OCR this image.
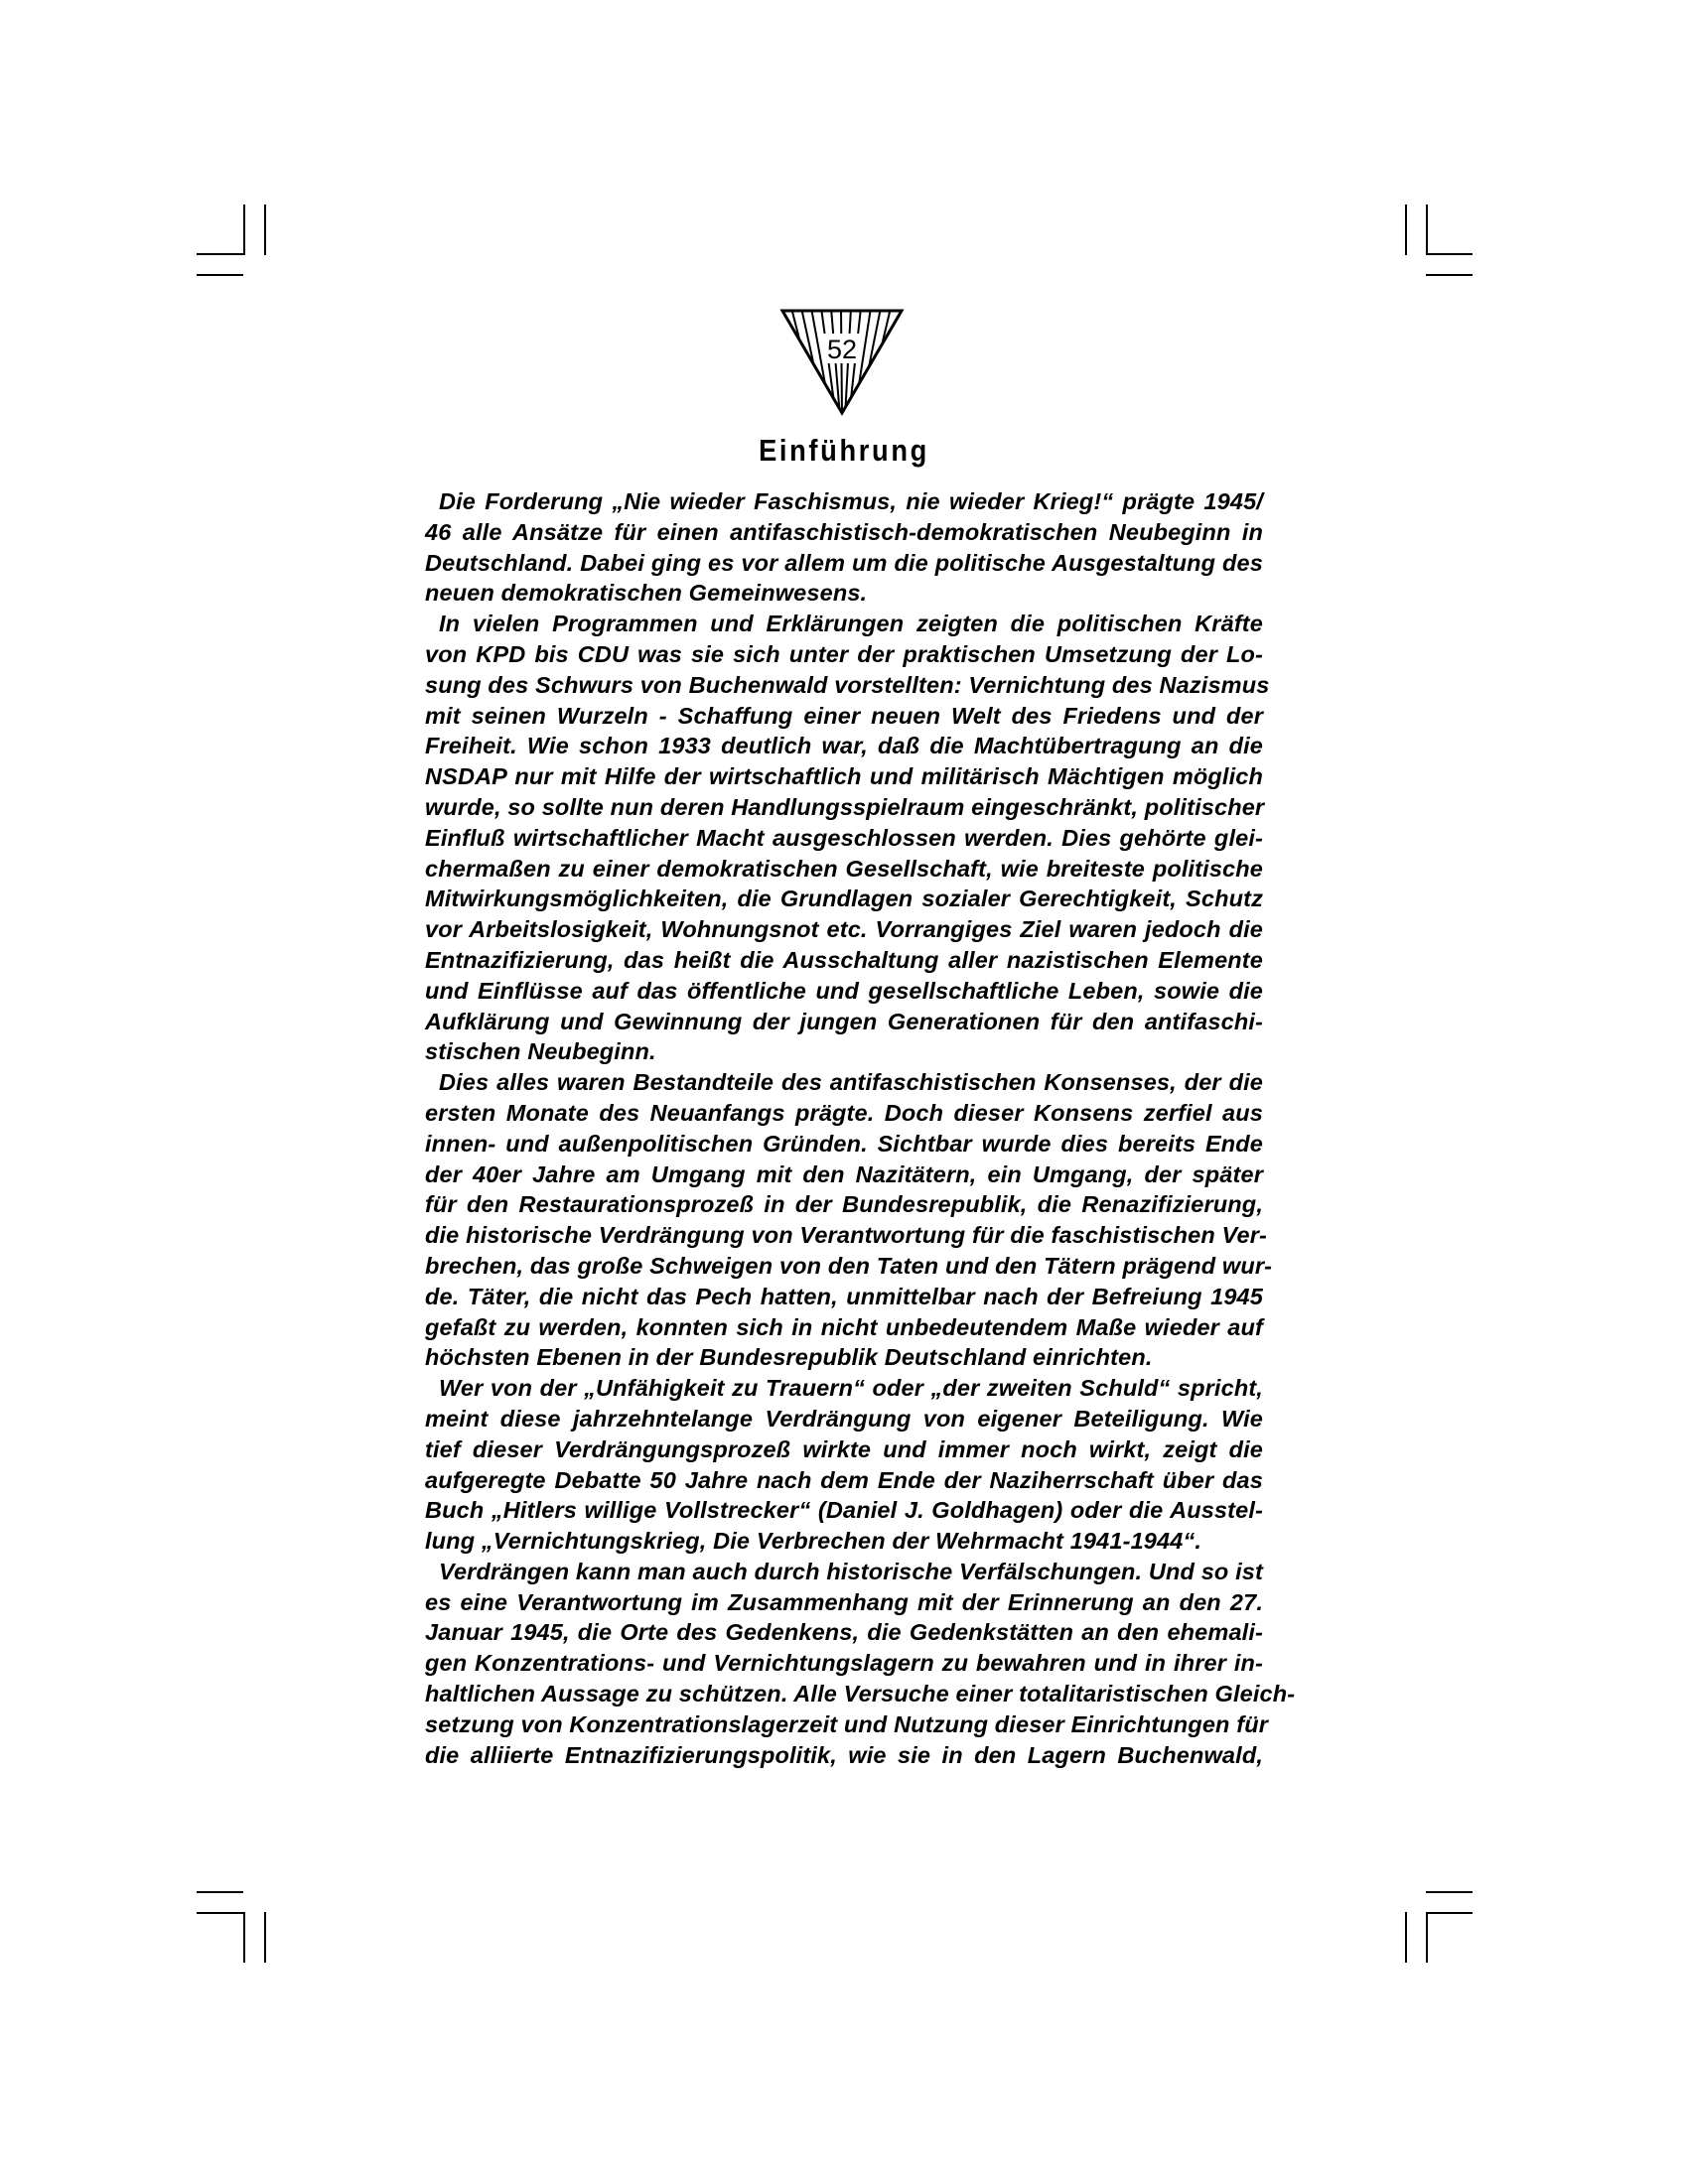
52
Einführung
Die Forderung „Nie wieder Faschismus, nie wieder Krieg!“ prägte 1945/
46 alle Ansätze für einen antifaschistisch-demokratischen Neubeginn in
Deutschland. Dabei ging es vor allem um die politische Ausgestaltung des
neuen demokratischen Gemeinwesens.
In vielen Programmen und Erklärungen zeigten die politischen Kräfte
von KPD bis CDU was sie sich unter der praktischen Umsetzung der Lo-
sung des Schwurs von Buchenwald vorstellten: Vernichtung des Nazismus
mit seinen Wurzeln - Schaffung einer neuen Welt des Friedens und der
Freiheit. Wie schon 1933 deutlich war, daß die Machtübertragung an die
NSDAP nur mit Hilfe der wirtschaftlich und militärisch Mächtigen möglich
wurde, so sollte nun deren Handlungsspielraum eingeschränkt, politischer
Einfluß wirtschaftlicher Macht ausgeschlossen werden. Dies gehörte glei-
chermaßen zu einer demokratischen Gesellschaft, wie breiteste politische
Mitwirkungsmöglichkeiten, die Grundlagen sozialer Gerechtigkeit, Schutz
vor Arbeitslosigkeit, Wohnungsnot etc. Vorrangiges Ziel waren jedoch die
Entnazifizierung, das heißt die Ausschaltung aller nazistischen Elemente
und Einflüsse auf das öffentliche und gesellschaftliche Leben, sowie die
Aufklärung und Gewinnung der jungen Generationen für den antifaschi-
stischen Neubeginn.
Dies alles waren Bestandteile des antifaschistischen Konsenses, der die
ersten Monate des Neuanfangs prägte. Doch dieser Konsens zerfiel aus
innen- und außenpolitischen Gründen. Sichtbar wurde dies bereits Ende
der 40er Jahre am Umgang mit den Nazitätern, ein Umgang, der später
für den Restaurationsprozeß in der Bundesrepublik, die Renazifizierung,
die historische Verdrängung von Verantwortung für die faschistischen Ver-
brechen, das große Schweigen von den Taten und den Tätern prägend wur-
de. Täter, die nicht das Pech hatten, unmittelbar nach der Befreiung 1945
gefaßt zu werden, konnten sich in nicht unbedeutendem Maße wieder auf
höchsten Ebenen in der Bundesrepublik Deutschland einrichten.
Wer von der „Unfähigkeit zu Trauern“ oder „der zweiten Schuld“ spricht,
meint diese jahrzehntelange Verdrängung von eigener Beteiligung. Wie
tief dieser Verdrängungsprozeß wirkte und immer noch wirkt, zeigt die
aufgeregte Debatte 50 Jahre nach dem Ende der Naziherrschaft über das
Buch „Hitlers willige Vollstrecker“ (Daniel J. Goldhagen) oder die Ausstel-
lung „Vernichtungskrieg, Die Verbrechen der Wehrmacht 1941-1944“.
Verdrängen kann man auch durch historische Verfälschungen. Und so ist
es eine Verantwortung im Zusammenhang mit der Erinnerung an den 27.
Januar 1945, die Orte des Gedenkens, die Gedenkstätten an den ehemali-
gen Konzentrations- und Vernichtungslagern zu bewahren und in ihrer in-
haltlichen Aussage zu schützen. Alle Versuche einer totalitaristischen Gleich-
setzung von Konzentrationslagerzeit und Nutzung dieser Einrichtungen für
die alliierte Entnazifizierungspolitik, wie sie in den Lagern Buchenwald,
